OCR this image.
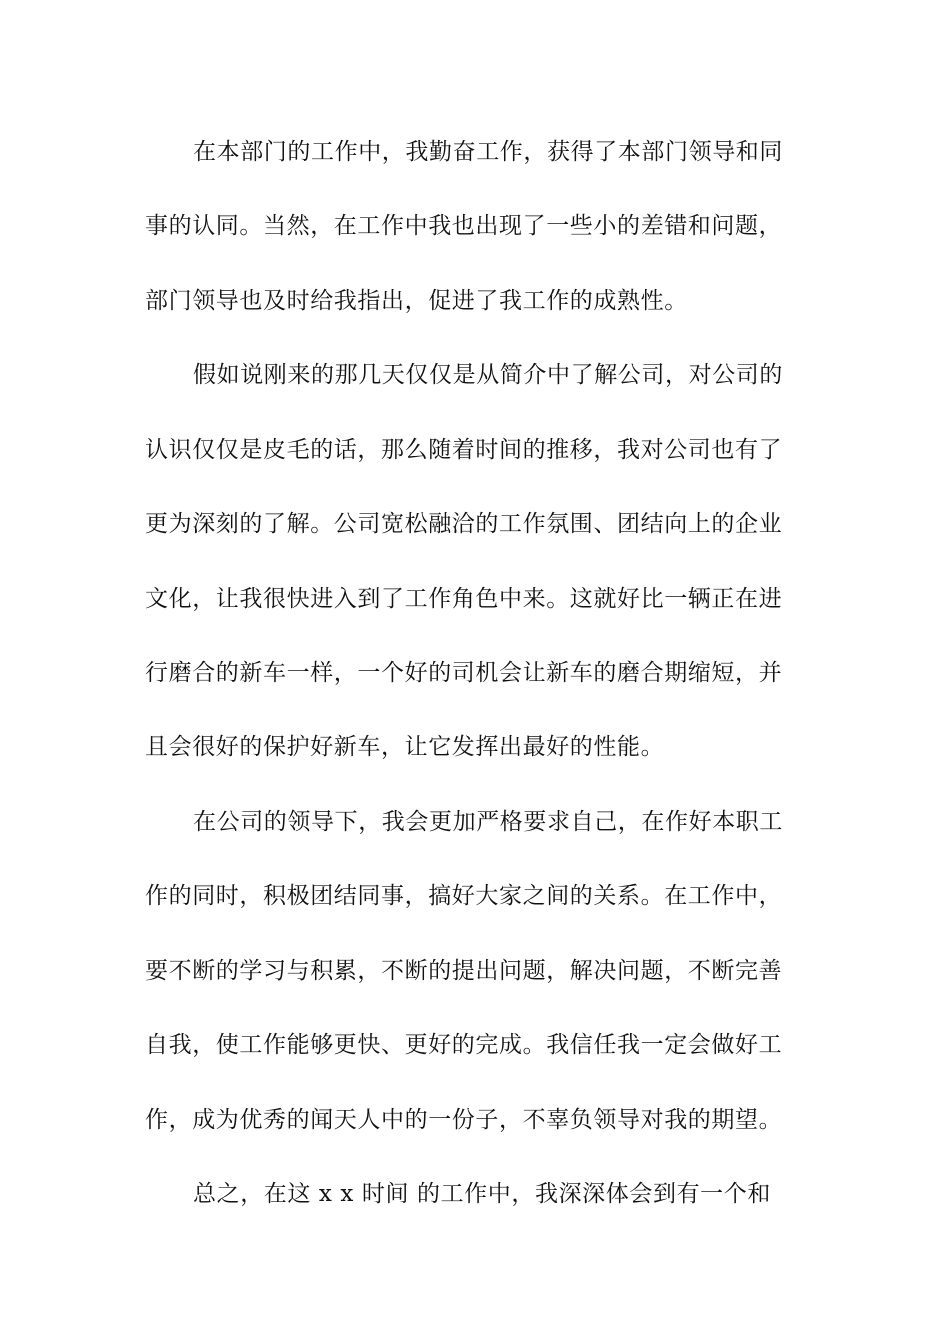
在本部门的工作中，我勤奋工作，获得了本部门领导和同
事的认同。当然，在工作中我也出现了一些小的差错和问题，
部门领导也及时给我指出，促进了我工作的成熟性。
假如说刚来的那几天仅仅是从简介中了解公司，对公司的
认识仅仅是皮毛的话，那么随着时间的推移，我对公司也有了
更为深刻的了解。公司宽松融洽的工作氛围、团结向上的企业
文化，让我很快进入到了工作角色中来。这就好比一辆正在进
行磨合的新车一样，一个好的司机会让新车的磨合期缩短，并
且会很好的保护好新车，让它发挥出最好的性能。
在公司的领导下，我会更加严格要求自己，在作好本职工
作的同时，积极团结同事，搞好大家之间的关系。在工作中，
要不断的学习与积累，不断的提出问题，解决问题，不断完善
自我，使工作能够更快、更好的完成。我信任我一定会做好工
作，成为优秀的闻天人中的一份子，不辜负领导对我的期望。
总之，在这 x x 时间 的工作中，我深深体会到有一个和
